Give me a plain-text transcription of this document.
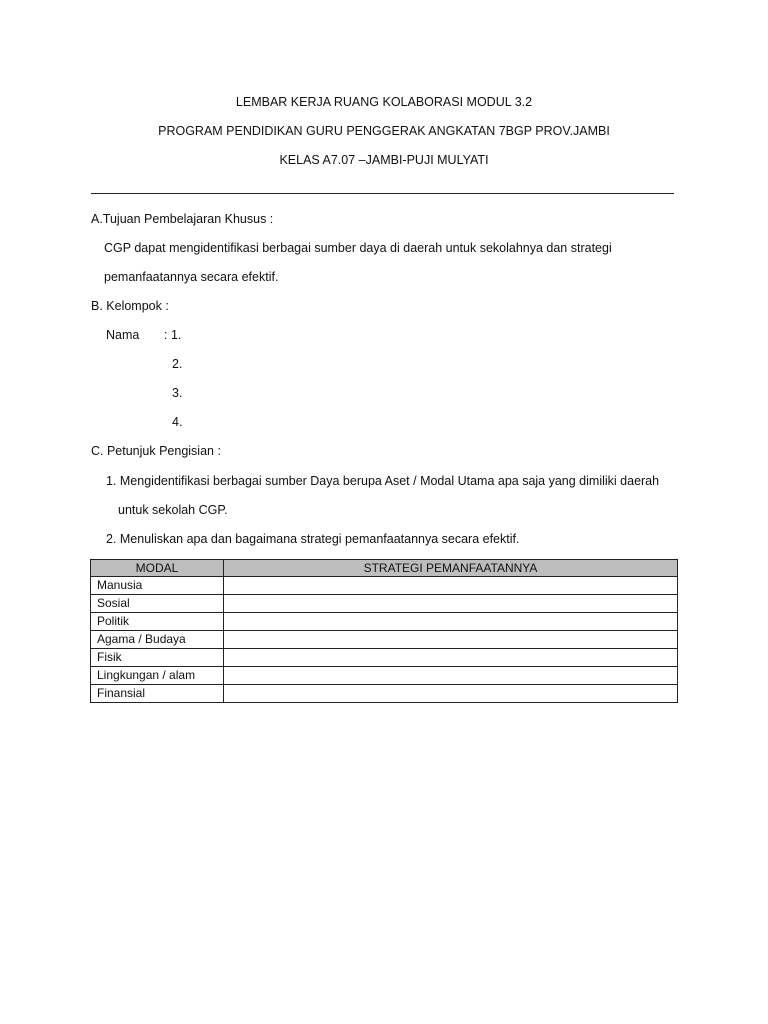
LEMBAR KERJA RUANG KOLABORASI MODUL 3.2
PROGRAM PENDIDIKAN GURU PENGGERAK ANGKATAN 7BGP PROV.JAMBI
KELAS A7.07 –JAMBI-PUJI MULYATI
A.Tujuan Pembelajaran Khusus :
CGP dapat mengidentifikasi berbagai sumber daya di daerah untuk sekolahnya dan strategi
pemanfaatannya secara efektif.
B. Kelompok :
Nama : 1.
2.
3.
4.
C. Petunjuk Pengisian :
1. Mengidentifikasi berbagai sumber Daya berupa Aset / Modal Utama apa saja yang dimiliki daerah
untuk sekolah CGP.
2. Menuliskan apa dan bagaimana strategi pemanfaatannya secara efektif.
MODAL	STRATEGI PEMANFAATANNYA
Manusia	
Sosial	
Politik	
Agama / Budaya	
Fisik	
Lingkungan / alam	
Finansial	
